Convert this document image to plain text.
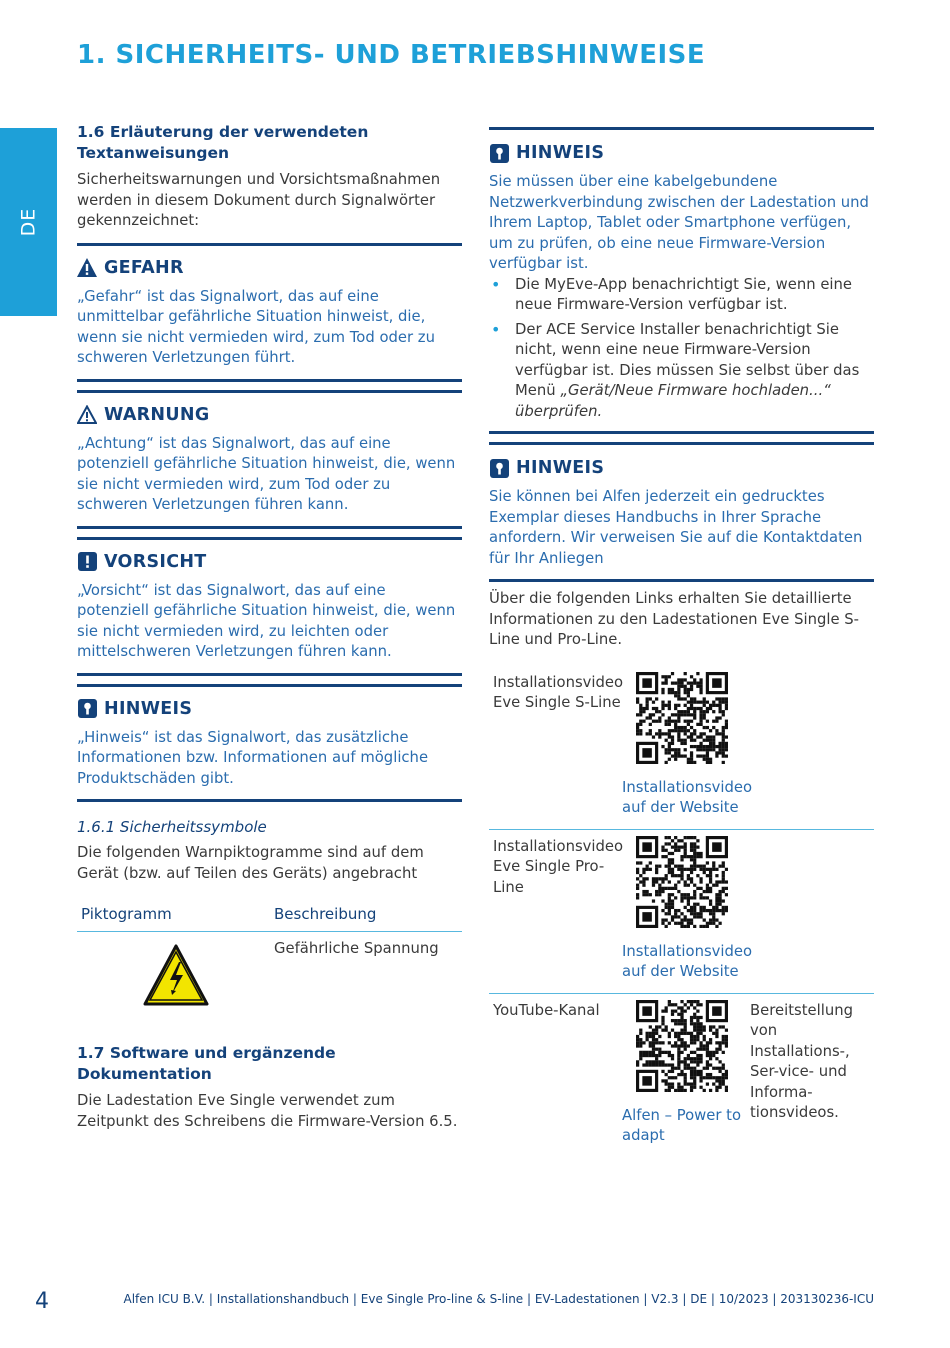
1. SICHERHEITS- UND BETRIEBSHINWEISE
DE
1.6 Erläuterung der verwendeten Textanweisungen
Sicherheitswarnungen und Vorsichtsmaßnahmen werden in diesem Dokument durch Signalwörter gekennzeichnet:
GEFAHR
„Gefahr“ ist das Signalwort, das auf eine unmittelbar gefährliche Situation hinweist, die, wenn sie nicht vermieden wird, zum Tod oder zu schweren Verletzungen führt.
WARNUNG
„Achtung“ ist das Signalwort, das auf eine potenziell gefährliche Situation hinweist, die, wenn sie nicht vermieden wird, zum Tod oder zu schweren Verletzungen führen kann.
VORSICHT
„Vorsicht“ ist das Signalwort, das auf eine potenziell gefährliche Situation hinweist, die, wenn sie nicht vermieden wird, zu leichten oder mittelschweren Verletzungen führen kann.
HINWEIS
„Hinweis“ ist das Signalwort, das zusätzliche Informationen bzw. Informationen auf mögliche Produktschäden gibt.
1.6.1 Sicherheitssymbole
Die folgenden Warnpiktogramme sind auf dem Gerät (bzw. auf Teilen des Geräts) angebracht
Piktogramm	Beschreibung
Gefährliche Spannung
1.7 Software und ergänzende Dokumentation
Die Ladestation Eve Single verwendet zum Zeitpunkt des Schreibens die Firmware-Version 6.5.
HINWEIS
Sie müssen über eine kabelgebundene Netzwerkverbindung zwischen der Ladestation und Ihrem Laptop, Tablet oder Smartphone verfügen, um zu prüfen, ob eine neue Firmware-Version verfügbar ist.
• Die MyEve-App benachrichtigt Sie, wenn eine neue Firmware-Version verfügbar ist.
• Der ACE Service Installer benachrichtigt Sie nicht, wenn eine neue Firmware-Version verfügbar ist. Dies müssen Sie selbst über das Menü „Gerät/Neue Firmware hochladen...“ überprüfen.
HINWEIS
Sie können bei Alfen jederzeit ein gedrucktes Exemplar dieses Handbuchs in Ihrer Sprache anfordern. Wir verweisen Sie auf die Kontaktdaten für Ihr Anliegen
Über die folgenden Links erhalten Sie detaillierte Informationen zu den Ladestationen Eve Single S-Line und Pro-Line.
Installationsvideo Eve Single S-Line
Installationsvideo auf der Website
Installationsvideo Eve Single Pro-Line
Installationsvideo auf der Website
YouTube-Kanal
Alfen – Power to adapt
Bereitstellung von Installations-, Ser-vice- und Informa-tionsvideos.
4	Alfen ICU B.V. | Installationshandbuch | Eve Single Pro-line & S-line | EV-Ladestationen | V2.3 | DE | 10/2023 | 203130236-ICU
